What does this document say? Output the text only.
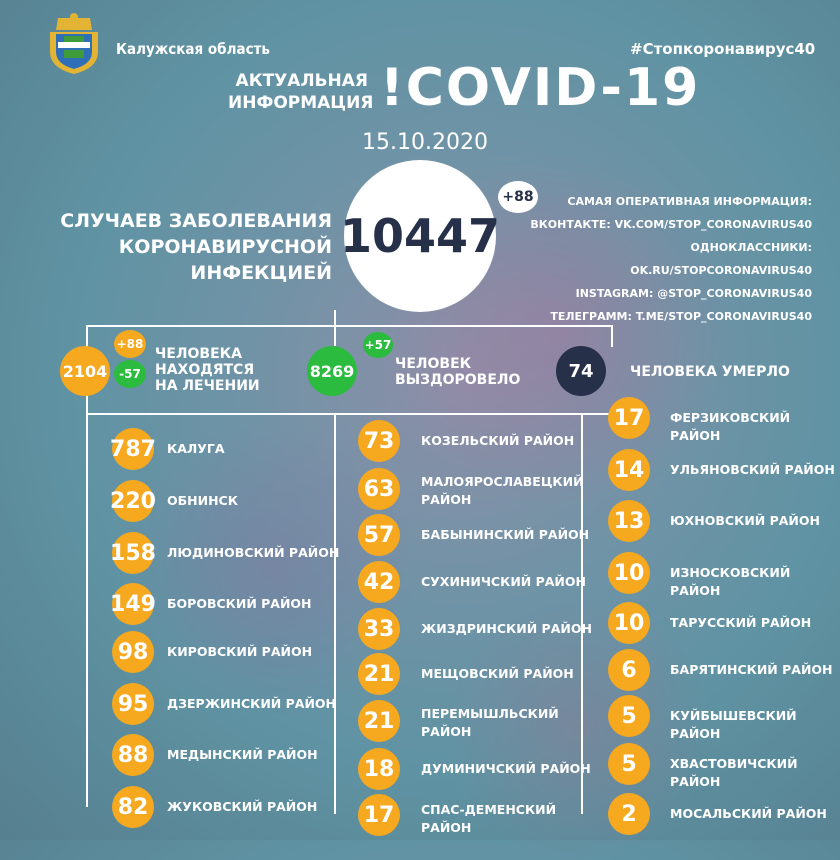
Калужская область	#Стопкоронавирус40
АКТУАЛЬНАЯ
ИНФОРМАЦИЯ !COVID-19
15.10.2020
СЛУЧАЕВ ЗАБОЛЕВАНИЯ
КОРОНАВИРУСНОЙ ИНФЕКЦИЕЙ
10447
+88	САМАЯ ОПЕРАТИВНАЯ ИНФОРМАЦИЯ:
ВКОНТАКТЕ: VK.COM/STOP_CORONAVIRUS40
ОДНОКЛАССНИКИ: OK.RU/STOPCORONAVIRUS40
INSTAGRAM: @STOP_CORONAVIRUS40
ТЕЛЕГРАММ: T.ME/STOP_CORONAVIRUS40
2104
+88
-57
ЧЕЛОВЕКА
НАХОДЯТСЯ
НА ЛЕЧЕНИИ
8269
+57
ЧЕЛОВЕК
ВЫЗДОРОВЕЛО	74	ЧЕЛОВЕКА УМЕРЛО
787 КАЛУГА
220 ОБНИНСК
158 ЛЮДИНОВСКИЙ РАЙОН
149 БОРОВСКИЙ РАЙОН
98	КИРОВСКИЙ РАЙОН
95	ДЗЕРЖИНСКИЙ РАЙОН
88	МЕДЫНСКИЙ РАЙОН
82	ЖУКОВСКИЙ РАЙОН
73	КОЗЕЛЬСКИЙ РАЙОН
63	МАЛОЯРОСЛАВЕЦКИЙ
РАЙОН
57	БАБЫНИНСКИЙ РАЙОН
42	СУХИНИЧСКИЙ РАЙОН
33	ЖИЗДРИНСКИЙ РАЙОН
21	МЕЩОВСКИЙ РАЙОН
21	ПЕРЕМЫШЛЬСКИЙ
РАЙОН
18	ДУМИНИЧСКИЙ РАЙОН
17	СПАС-ДЕМЕНСКИЙ
РАЙОН
17	ФЕРЗИКОВСКИЙ РАЙОН
14	УЛЬЯНОВСКИЙ РАЙОН
13	ЮХНОВСКИЙ РАЙОН
10	ИЗНОСКОВСКИЙ РАЙОН
10	ТАРУССКИЙ РАЙОН
6	БАРЯТИНСКИЙ РАЙОН
5	КУЙБЫШЕВСКИЙ РАЙОН
5	ХВАСТОВИЧСКИЙ РАЙОН
2	МОСАЛЬСКИЙ РАЙОН
